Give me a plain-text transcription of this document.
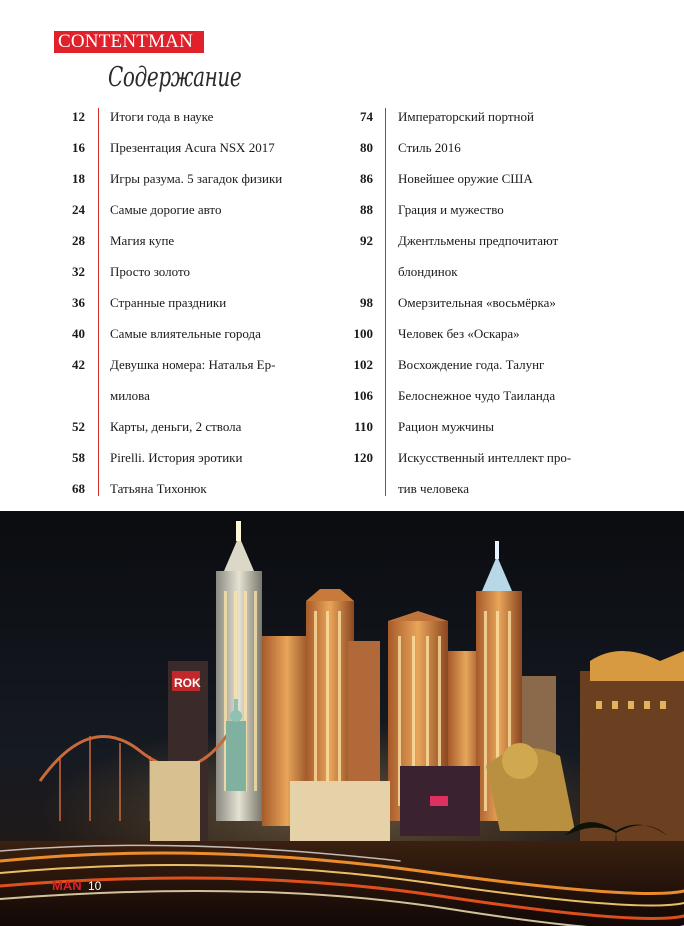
CONTENTMAN
Содержание
12 Итоги года в науке
16 Презентация Acura NSX 2017
18 Игры разума. 5 загадок физики
24 Самые дорогие авто
28 Магия купе
32 Просто золото
36 Странные праздники
40 Самые влиятельные города
42 Девушка номера: Наталья Ер-
милова
52 Карты, деньги, 2 ствола
58 Pirelli. История эротики
68 Татьяна Тихонюк
74 Императорский портной
80 Стиль 2016
86 Новейшее оружие США
88 Грация и мужество
92 Джентльмены предпочитают
блондинок
98 Омерзительная «восьмёрка»
100 Человек без «Оскара»
102 Восхождение года. Талунг
106 Белоснежное чудо Таиланда
110 Рацион мужчины
120 Искусственный интеллект про-
тив человека
ROK
MAN 10
